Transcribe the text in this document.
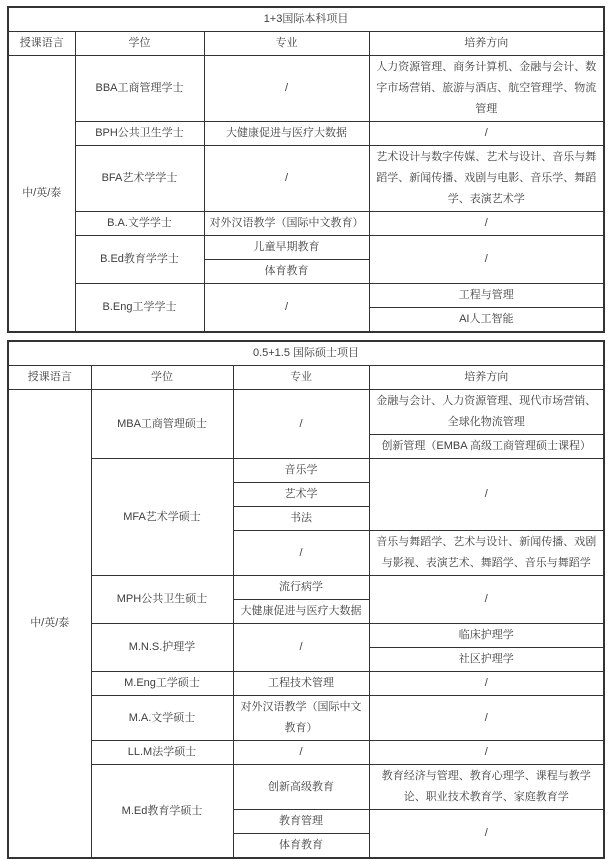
1+3国际本科项目			
授课语言	学位	专业	培养方向
中/英/泰	BBA工商管理学士	/	人力资源管理、商务计算机、金融与会计、数字市场营销、旅游与酒店、航空管理学、物流管理
	BPH公共卫生学士	大健康促进与医疗大数据	/
	BFA艺术学学士	/	艺术设计与数字传媒、艺术与设计、音乐与舞蹈学、新闻传播、戏剧与电影、音乐学、舞蹈学、表演艺术学
	B.A.文学学士	对外汉语教学（国际中文教育）	/
	B.Ed教育学学士	儿童早期教育	/
		体育教育	
	B.Eng工学学士	/	工程与管理
			AI人工智能
0.5+1.5 国际硕士项目			
授课语言	学位	专业	培养方向
中/英/泰	MBA工商管理硕士	/	金融与会计、人力资源管理、现代市场营销、全球化物流管理
			创新管理（EMBA 高级工商管理硕士课程）
	MFA艺术学硕士	音乐学	/
		艺术学	
		书法	
		/	音乐与舞蹈学、艺术与设计、新闻传播、戏剧与影视、表演艺术、舞蹈学、音乐与舞蹈学
	MPH公共卫生硕士	流行病学	/
		大健康促进与医疗大数据	
	M.N.S.护理学	/	临床护理学
			社区护理学
	M.Eng工学硕士	工程技术管理	/
	M.A.文学硕士	对外汉语教学（国际中文教育）	/
	LL.M法学硕士	/	/
	M.Ed教育学硕士	创新高级教育	教育经济与管理、教育心理学、课程与教学论、职业技术教育学、家庭教育学
		教育管理	/
		体育教育	
